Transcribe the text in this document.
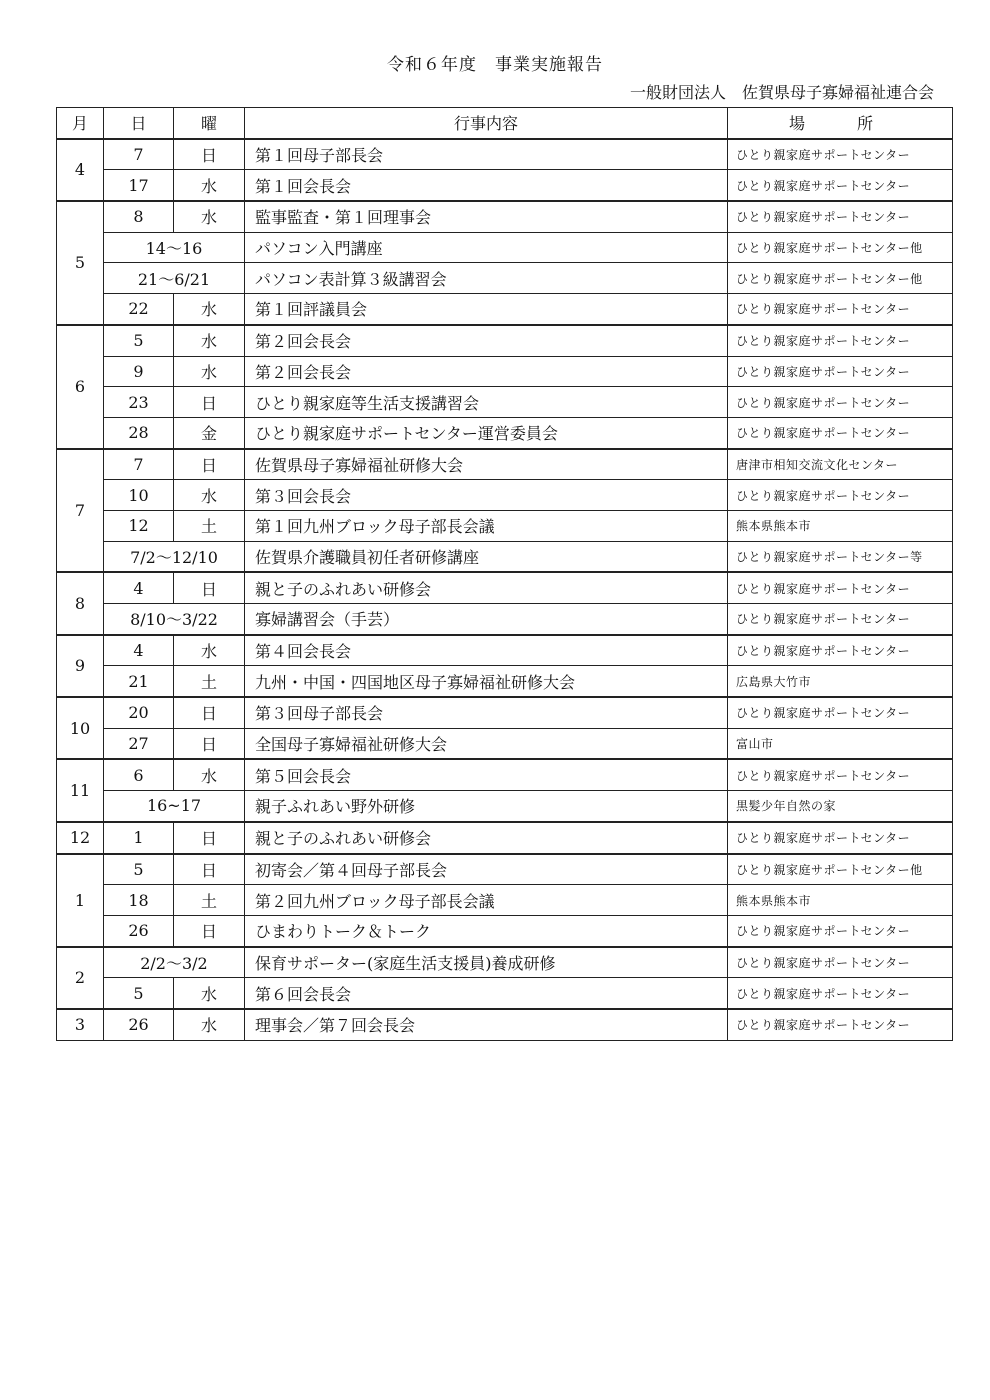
令和６年度　事業実施報告

一般財団法人　佐賀県母子寡婦福祉連合会

月	日	曜	行事内容	場　所
4	7	日	第１回母子部長会	ひとり親家庭サポートセンター
	17	水	第１回会長会	ひとり親家庭サポートセンター
5	8	水	監事監査・第１回理事会	ひとり親家庭サポートセンター
	14～16		パソコン入門講座	ひとり親家庭サポートセンター他
	21～6/21		パソコン表計算３級講習会	ひとり親家庭サポートセンター他
	22	水	第１回評議員会	ひとり親家庭サポートセンター
6	5	水	第２回会長会	ひとり親家庭サポートセンター
	9	水	第２回会長会	ひとり親家庭サポートセンター
	23	日	ひとり親家庭等生活支援講習会	ひとり親家庭サポートセンター
	28	金	ひとり親家庭サポートセンター運営委員会	ひとり親家庭サポートセンター
7	7	日	佐賀県母子寡婦福祉研修大会	唐津市相知交流文化センター
	10	水	第３回会長会	ひとり親家庭サポートセンター
	12	土	第１回九州ブロック母子部長会議	熊本県熊本市
	7/2～12/10		佐賀県介護職員初任者研修講座	ひとり親家庭サポートセンター等
8	4	日	親と子のふれあい研修会	ひとり親家庭サポートセンター
	8/10～3/22		寡婦講習会（手芸）	ひとり親家庭サポートセンター
9	4	水	第４回会長会	ひとり親家庭サポートセンター
	21	土	九州・中国・四国地区母子寡婦福祉研修大会	広島県大竹市
10	20	日	第３回母子部長会	ひとり親家庭サポートセンター
	27	日	全国母子寡婦福祉研修大会	富山市
11	6	水	第５回会長会	ひとり親家庭サポートセンター
	16~17		親子ふれあい野外研修	黒髪少年自然の家
12	1	日	親と子のふれあい研修会	ひとり親家庭サポートセンター
1	5	日	初寄会／第４回母子部長会	ひとり親家庭サポートセンター他
	18	土	第２回九州ブロック母子部長会議	熊本県熊本市
	26	日	ひまわりトーク＆トーク	ひとり親家庭サポートセンター
2	2/2～3/2		保育サポーター(家庭生活支援員)養成研修	ひとり親家庭サポートセンター
	5	水	第６回会長会	ひとり親家庭サポートセンター
3	26	水	理事会／第７回会長会	ひとり親家庭サポートセンター
